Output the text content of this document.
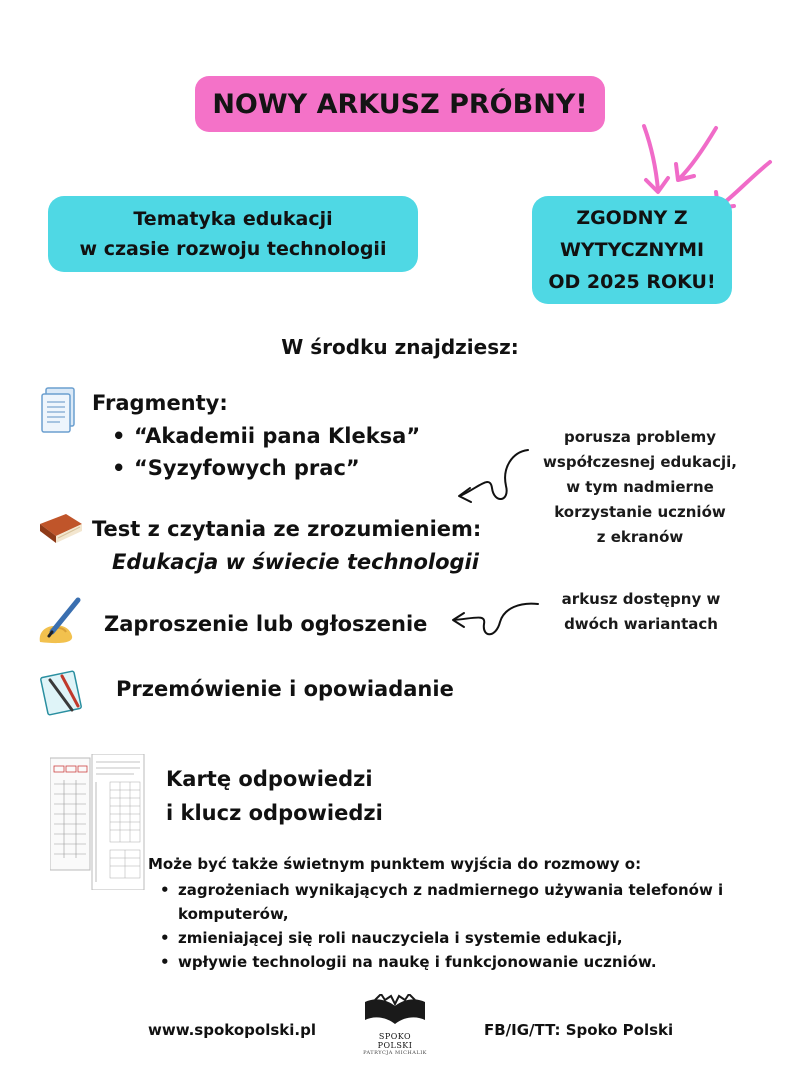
NOWY ARKUSZ PRÓBNY!
Tematyka edukacji
w czasie rozwoju technologii
ZGODNY Z
WYTYCZNYMI
OD 2025 ROKU!
W środku znajdziesz:
Fragmenty:
• “Akademii pana Kleksa”
• “Syzyfowych prac”
porusza problemy
współczesnej edukacji,
w tym nadmierne
korzystanie uczniów
z ekranów
Test z czytania ze zrozumieniem:
Edukacja w świecie technologii
Zaproszenie lub ogłoszenie
arkusz dostępny w
dwóch wariantach
Przemówienie i opowiadanie
Kartę odpowiedzi
i klucz odpowiedzi
Może być także świetnym punktem wyjścia do rozmowy o:
• zagrożeniach wynikających z nadmiernego używania telefonów i komputerów,
• zmieniającej się roli nauczyciela i systemie edukacji,
• wpływie technologii na naukę i funkcjonowanie uczniów.
www.spokopolski.pl	SPOKO POLSKI
PATRYCJA MICHALIK
FB/IG/TT: Spoko Polski
